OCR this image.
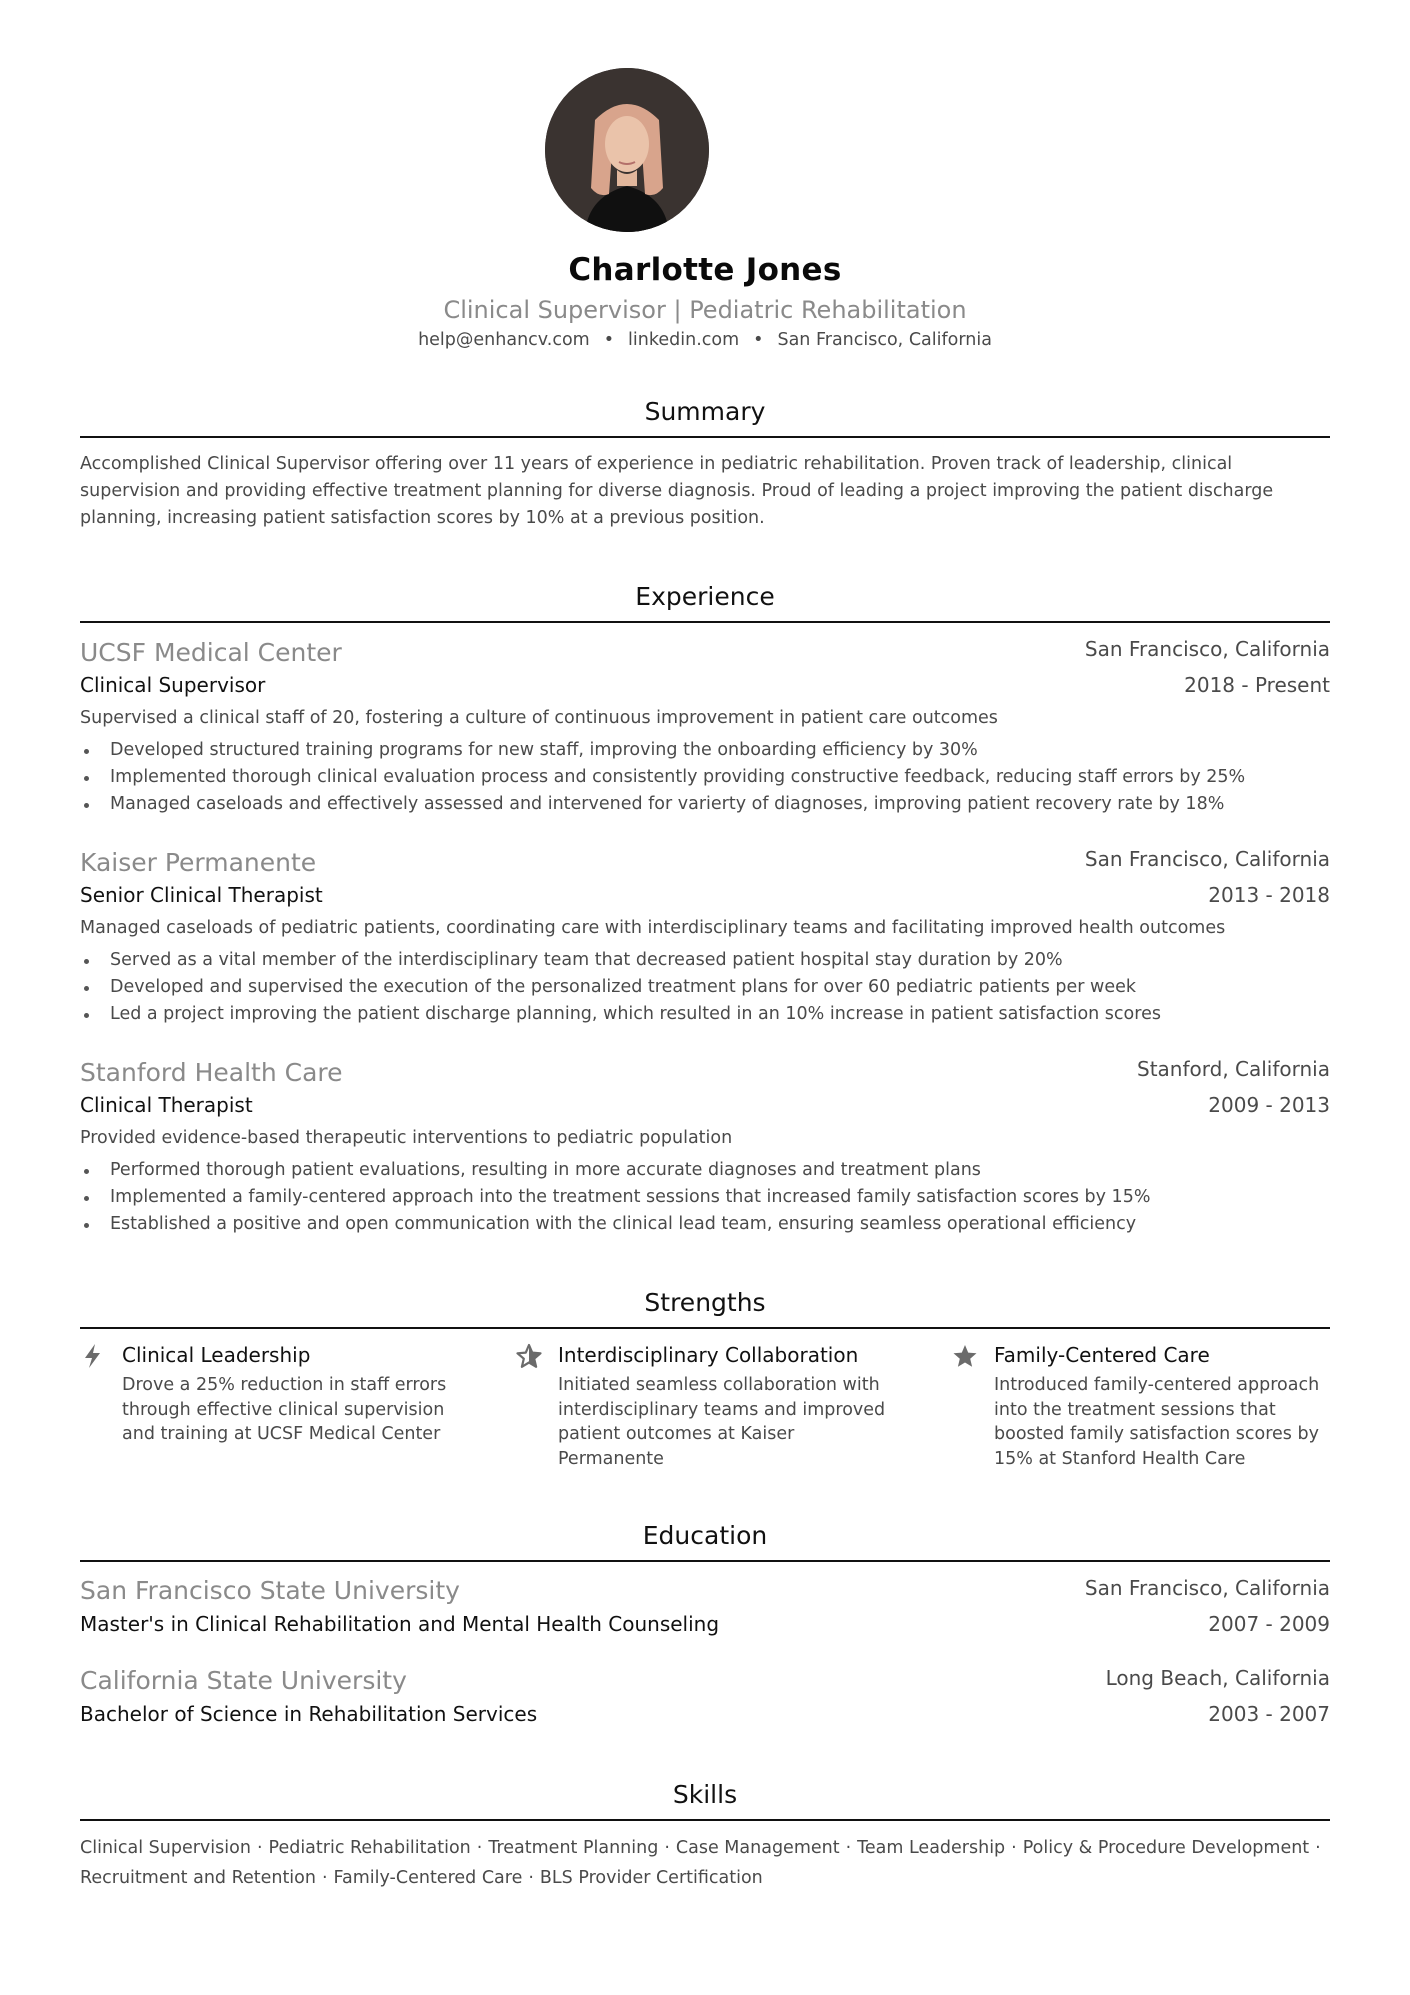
Charlotte Jones
Clinical Supervisor | Pediatric Rehabilitation
help@enhancv.com • linkedin.com • San Francisco, California
Summary
Accomplished Clinical Supervisor offering over 11 years of experience in pediatric rehabilitation. Proven track of leadership, clinical supervision and providing effective treatment planning for diverse diagnosis. Proud of leading a project improving the patient discharge planning, increasing patient satisfaction scores by 10% at a previous position.
Experience
UCSF Medical Center	San Francisco, California
Clinical Supervisor	2018 - Present
Supervised a clinical staff of 20, fostering a culture of continuous improvement in patient care outcomes
Developed structured training programs for new staff, improving the onboarding efficiency by 30%
Implemented thorough clinical evaluation process and consistently providing constructive feedback, reducing staff errors by 25%
Managed caseloads and effectively assessed and intervened for varierty of diagnoses, improving patient recovery rate by 18%
Kaiser Permanente	San Francisco, California
Senior Clinical Therapist	2013 - 2018
Managed caseloads of pediatric patients, coordinating care with interdisciplinary teams and facilitating improved health outcomes
Served as a vital member of the interdisciplinary team that decreased patient hospital stay duration by 20%
Developed and supervised the execution of the personalized treatment plans for over 60 pediatric patients per week
Led a project improving the patient discharge planning, which resulted in an 10% increase in patient satisfaction scores
Stanford Health Care	Stanford, California
Clinical Therapist	2009 - 2013
Provided evidence-based therapeutic interventions to pediatric population
Performed thorough patient evaluations, resulting in more accurate diagnoses and treatment plans
Implemented a family-centered approach into the treatment sessions that increased family satisfaction scores by 15%
Established a positive and open communication with the clinical lead team, ensuring seamless operational efficiency
Strengths
Clinical Leadership
Drove a 25% reduction in staff errors through effective clinical supervision and training at UCSF Medical Center
Interdisciplinary Collaboration
Initiated seamless collaboration with interdisciplinary teams and improved patient outcomes at Kaiser Permanente
Family-Centered Care
Introduced family-centered approach into the treatment sessions that boosted family satisfaction scores by 15% at Stanford Health Care
Education
San Francisco State University	San Francisco, California
Master's in Clinical Rehabilitation and Mental Health Counseling	2007 - 2009
California State University	Long Beach, California
Bachelor of Science in Rehabilitation Services	2003 - 2007
Skills
Clinical Supervision · Pediatric Rehabilitation · Treatment Planning · Case Management · Team Leadership · Policy & Procedure Development ·
Recruitment and Retention · Family-Centered Care · BLS Provider Certification
